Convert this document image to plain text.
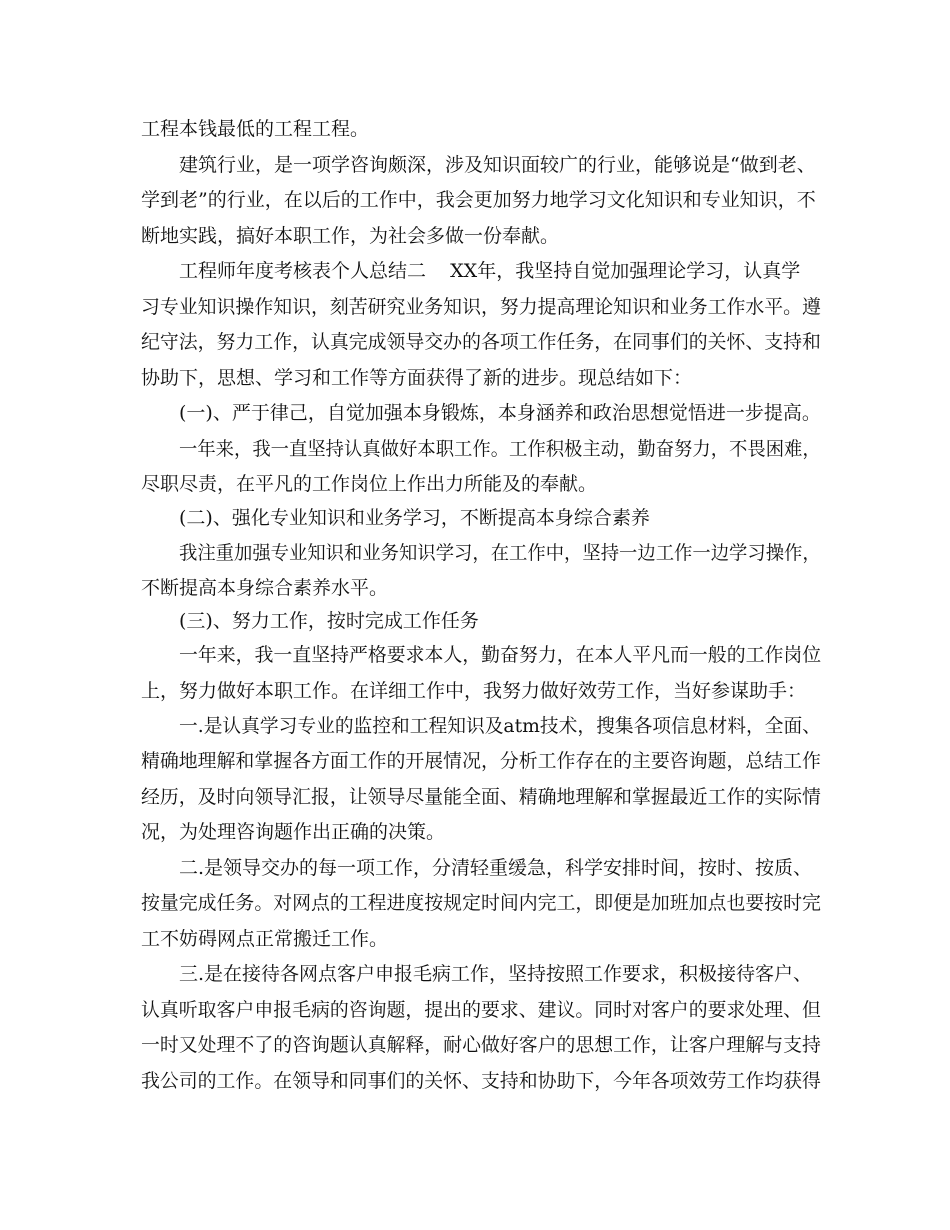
工程本钱最低的工程工程。
建筑行业，是一项学咨询颇深，涉及知识面较广的行业，能够说是“做到老、
学到老”的行业，在以后的工作中，我会更加努力地学习文化知识和专业知识，不
断地实践，搞好本职工作，为社会多做一份奉献。
工程师年度考核表个人总结二    XX年，我坚持自觉加强理论学习，认真学
习专业知识操作知识，刻苦研究业务知识，努力提高理论知识和业务工作水平。遵
纪守法，努力工作，认真完成领导交办的各项工作任务，在同事们的关怀、支持和
协助下，思想、学习和工作等方面获得了新的进步。现总结如下：
(一)、严于律己，自觉加强本身锻炼，本身涵养和政治思想觉悟进一步提高。
一年来，我一直坚持认真做好本职工作。工作积极主动，勤奋努力，不畏困难，
尽职尽责，在平凡的工作岗位上作出力所能及的奉献。
(二)、强化专业知识和业务学习，不断提高本身综合素养
我注重加强专业知识和业务知识学习，在工作中，坚持一边工作一边学习操作，
不断提高本身综合素养水平。
(三)、努力工作，按时完成工作任务
一年来，我一直坚持严格要求本人，勤奋努力，在本人平凡而一般的工作岗位
上，努力做好本职工作。在详细工作中，我努力做好效劳工作，当好参谋助手：
一.是认真学习专业的监控和工程知识及atm技术，搜集各项信息材料，全面、
精确地理解和掌握各方面工作的开展情况，分析工作存在的主要咨询题，总结工作
经历，及时向领导汇报，让领导尽量能全面、精确地理解和掌握最近工作的实际情
况，为处理咨询题作出正确的决策。
二.是领导交办的每一项工作，分清轻重缓急，科学安排时间，按时、按质、
按量完成任务。对网点的工程进度按规定时间内完工，即便是加班加点也要按时完
工不妨碍网点正常搬迁工作。
三.是在接待各网点客户申报毛病工作，坚持按照工作要求，积极接待客户、
认真听取客户申报毛病的咨询题，提出的要求、建议。同时对客户的要求处理、但
一时又处理不了的咨询题认真解释，耐心做好客户的思想工作，让客户理解与支持
我公司的工作。在领导和同事们的关怀、支持和协助下，今年各项效劳工作均获得
